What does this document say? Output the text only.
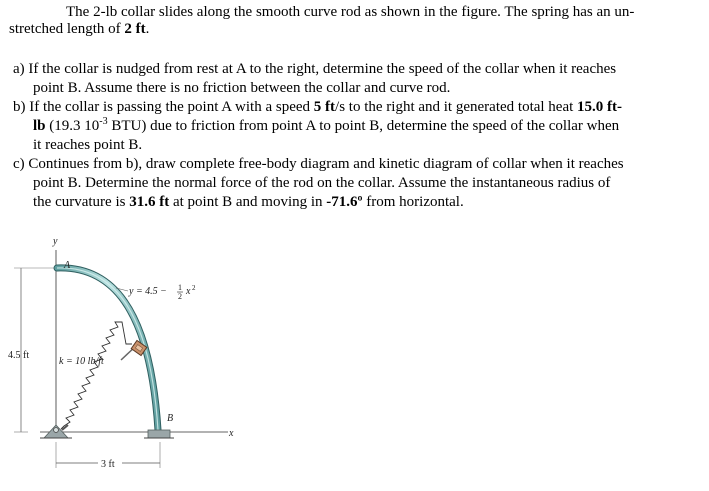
The 2-lb collar slides along the smooth curve rod as shown in the figure. The spring has an un-
stretched length of 2 ft.
a) If the collar is nudged from rest at A to the right, determine the speed of the collar when it reaches
point B. Assume there is no friction between the collar and curve rod.
b) If the collar is passing the point A with a speed 5 ft/s to the right and it generated total heat 15.0 ft-
lb (19.3 $10^{-3}$ BTU) due to friction from point A to point B, determine the speed of the collar when
it reaches point B.
c) Continues from b), draw complete free-body diagram and kinetic diagram of collar when it reaches
point B. Determine the normal force of the rod on the collar. Assume the instantaneous radius of
the curvature is 31.6 ft at point B and moving in -71.6º from horizontal.
y
x
4.5 ft
A
y = 4.5 − 1
2 x 2
k = 10 lb/ft
B
3 ft
